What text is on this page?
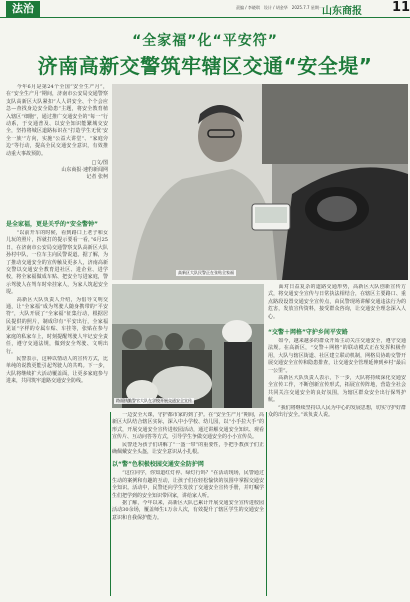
法治	责编 / 李晓琪　设计 / 胡金华　2025.7.7 星期一 山东商报 11
“全家福”化“平安符”
济南高新交警筑牢辖区交通“安全堤”

　　今年6月是第24个全国“安全生产月”，在“安全生产月”期间，济南市公安局交通警察支队高新区大队紧扣“人人讲安全、个个会应急—查找身边安全隐患”主题，将安全教育植入辖区“细胞”，通过推广交通安全的“每一”行动系，于交通普及、以安全知识能繁城交安全，坚持将城区道路标识在“打造学生无忧‘安全一族’”方向，实施“公益大讲堂”、“家庭旁边”等行动，提高全民交通安全意识，有效推动重大事故预防。

□文/图
山东商报·速豹新闻网
记者 张柯
高新区大队民警正在张贴全家福
是全家福，更是关乎的“安全警钟”

　　“以前开车的时候，看到路口上老子和女儿玩的照片，挥就打的提示要看一看，”6月25日，在济南市公安局交通警察支队高新区大队孙村中队，一位车主向民警说道。据了解，为了推动交通安全的宣传触及更多人，济南高新交警以交通安全教育进社区、进企业、进学校，将全家福做成车贴、把安全写进家庭，警示驾驶人在驾车时牵挂家人，为家人筑起安全堤。

　　高新区大队负责人介绍，为倡导文明交通，让“全家福”成为驾驶人随身携带的“平安符”，大队开展了“全家福”征集行动，根据居民提供的照片，制成印有“平安出行，全家福见证”字样的专属车贴、车挂等，张贴在参与家庭的私家车上，时刻提醒驾驶人牢记安全责任，遵守交通法规，做到安全驾驶、文明出行。

　　民警表示，这种以情动人的宣传方式，比单纯的说教更能引起驾驶人的共鸣。下一步，大队将继续扩大活动覆盖面，让更多家庭参与进来，共同筑牢道路交通安全防线。

路面执勤警官大队在学校开展交通安全宣传

　　一边安全大课，守护都市家的到了护。在“安全生产月”期间，高新区大队结合辖区实际，深入中小学校、幼儿园，以“小手拉大手”的形式，开展交通安全宣传进校园活动，通过讲解交通安全知识、观看宣传片、互动问答等方式，引导学生争做交通安全的小小宣传员。

　　民警还为孩子们讲解了“一盔一带”的重要性，手把手教孩子们正确佩戴安全头盔，让安全意识从小扎根。

以“警”色积极校园交通安全防护网

　　“这位同学，你知道红灯停、绿灯行吗？”在活动现场，民警通过生动的案例和有趣的互动，让孩子们在轻松愉快的氛围中掌握交通安全知识。活动中，民警还向学生发放了交通安全宣传手册，并叮嘱学生们把学到的安全知识带回家，讲给家人听。

　　据了解，今年以来，高新区大队已累计开展交通安全宣传进校园活动30余场，覆盖师生1万余人次，有效提升了辖区学生的交通安全意识和自我保护能力。

　　面对日益复杂的道路交通形势，高新区大队创新宣传方式，将交通安全宣传与日常执法相结合，在辖区主要路口、重点路段设置交通安全宣传点，由民警现场讲解交通违法行为的危害，发放宣传资料，接受群众咨询，让交通安全理念深入人心。

“交警＋网格”守护乡间平安路

　　如今，越来越多的群众开始主动关注交通安全，遵守交通法规。在高新区，“交警＋网格”的联动模式正在发挥积极作用，大队与辖区街道、社区建立联动机制，网格员协助交警开展交通安全宣传和隐患排查，让交通安全管理延伸到乡村“最后一公里”。

　　高新区大队负责人表示，下一步，大队将持续深化交通安全宣传工作，不断创新宣传形式，拓展宣传阵地，营造全社会共同关注交通安全的良好氛围，为辖区群众安全出行保驾护航。

　　“我们将继续坚持以人民为中心的发展思想，切实守护好群众的出行安全。”该负责人说。
